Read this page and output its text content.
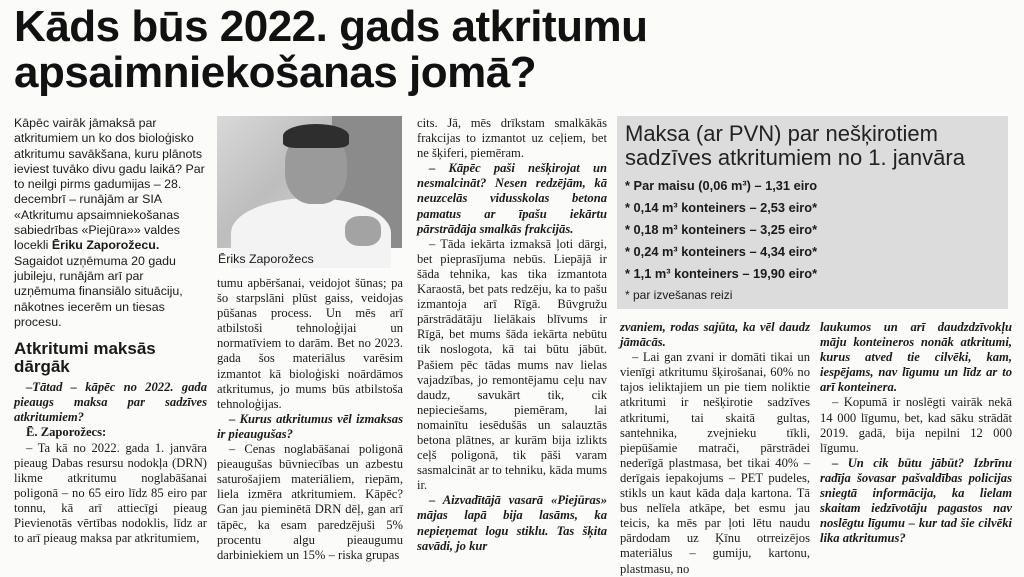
Kāds būs 2022. gads atkritumu
apsaimniekošanas jomā?

Kāpēc vairāk jāmaksā par atkritumiem un ko dos bioloģisko atkritumu savākšana, kuru plānots ieviest tuvāko divu gadu laikā? Par to neilgi pirms gadumijas – 28. decembrī – runājām ar SIA «Atkritumu apsaimniekošanas sabiedrības «Piejūra»» valdes locekli Ēriku Zaporožecu. Sagaidot uzņēmuma 20 gadu jubileju, runājām arī par uzņēmuma finansiālo situāciju, nākotnes iecerēm un tiesas procesu.

Atkritumi maksās dārgāk

–Tātad – kāpēc no 2022. gada pieaugs maksa par sadzīves atkritumiem?

Ē. Zaporožecs:

– Ta kā no 2022. gada 1. janvāra pieaug Dabas resursu nodokļa (DRN) likme atkritumu noglabāšanai poligonā – no 65 eiro līdz 85 eiro par tonnu, kā arī attiecīgi pieaug Pievienotās vērtības nodoklis, līdz ar to arī pieaug maksa par atkritumiem,

Ēriks Zaporožecs

tumu apbēršanai, veidojot šūnas; pa šo starpslāni plūst gaiss, veidojas pūšanas process. Un mēs arī atbilstoši tehnoloģijai un normatīviem to darām. Bet no 2023. gada šos materiālus varēsim izmantot kā bioloģiski noārdāmos atkritumus, jo mums būs atbilstoša tehnoloģijas.

– Kurus atkritumus vēl izmaksas ir pieaugušas?

– Cenas noglabāšanai poligonā pieaugušas būvniecības un azbestu saturošajiem materiāliem, riepām, liela izmēra atkritumiem. Kāpēc? Gan jau pieminētā DRN dēļ, gan arī tāpēc, ka esam paredzējuši 5% procentu algu pieaugumu darbiniekiem un 15% – riska grupas

cits. Jā, mēs drīkstam smalkākās frakcijas to izmantot uz ceļiem, bet ne šķiferi, piemēram.

– Kāpēc paši nešķirojat un nesmalcināt? Nesen redzējām, kā neuzcelās vidusskolas betona pamatus ar īpašu iekārtu pārstrādāja smalkās frakcijās.

– Tāda iekārta izmaksā ļoti dārgi, bet pieprasījuma nebūs. Liepājā ir šāda tehnika, kas tika izmantota Karaostā, bet pats redzēju, ka to pašu izmantoja arī Rīgā. Būvgružu pārstrādātāju lielākais blīvums ir Rīgā, bet mums šāda iekārta nebūtu tik noslogota, kā tai būtu jābūt. Pašiem pēc tādas mums nav lielas vajadzības, jo remontējamu ceļu nav daudz, savukārt tik, cik nepieciešams, piemēram, lai nomainītu iesēdušās un salauztās betona plātnes, ar kurām bija izlikts ceļš poligonā, tik pāši varam sasmalcināt ar to tehniku, kāda mums ir.

– Aizvadītājā vasarā «Piejūras» mājas lapā bija lasāms, ka nepieņemat logu stiklu. Tas šķita savādi, jo kur

Maksa (ar PVN) par nešķirotiem
sadzīves atkritumiem no 1. janvāra
* Par maisu (0,06 m³) – 1,31 eiro
* 0,14 m³ konteiners – 2,53 eiro*
* 0,18 m³ konteiners – 3,25 eiro*
* 0,24 m³ konteiners – 4,34 eiro*
* 1,1 m³ konteiners – 19,90 eiro*
* par izvešanas reizi

zvaniem, rodas sajūta, ka vēl daudz jāmācās.

– Lai gan zvani ir domāti tikai un vienīgi atkritumu šķirošanai, 60% no tajos ieliktajiem un pie tiem noliktie atkritumi ir nešķirotie sadzīves atkritumi, tai skaitā gultas, santehnika, zvejnieku tīkli, piepūšamie matrači, pārstrādei nederīgā plastmasa, bet tikai 40% – derīgais iepakojums – PET pudeles, stikls un kaut kāda daļa kartona. Tā bus nelīela atkāpe, bet esmu jau teicis, ka mēs par ļoti lētu naudu pārdodam uz Ķīnu otrreizējos materiālus – gumiju, kartonu, plastmasu, no

laukumos un arī daudzdzīvokļu māju konteineros nonāk atkritumi, kurus atved tie cilvēki, kam, iespējams, nav līgumu un līdz ar to arī konteinera.

– Kopumā ir noslēgti vairāk nekā 14 000 līgumu, bet, kad sāku strādāt 2019. gadā, bija nepilni 12 000 līgumu.

– Un cik būtu jābūt? Izbrīnu radīja šovasar pašvaldības policijas sniegtā informācija, ka lielam skaitam iedzīvotāju pagastos nav noslēgtu līgumu – kur tad šie cilvēki lika atkritumus?
